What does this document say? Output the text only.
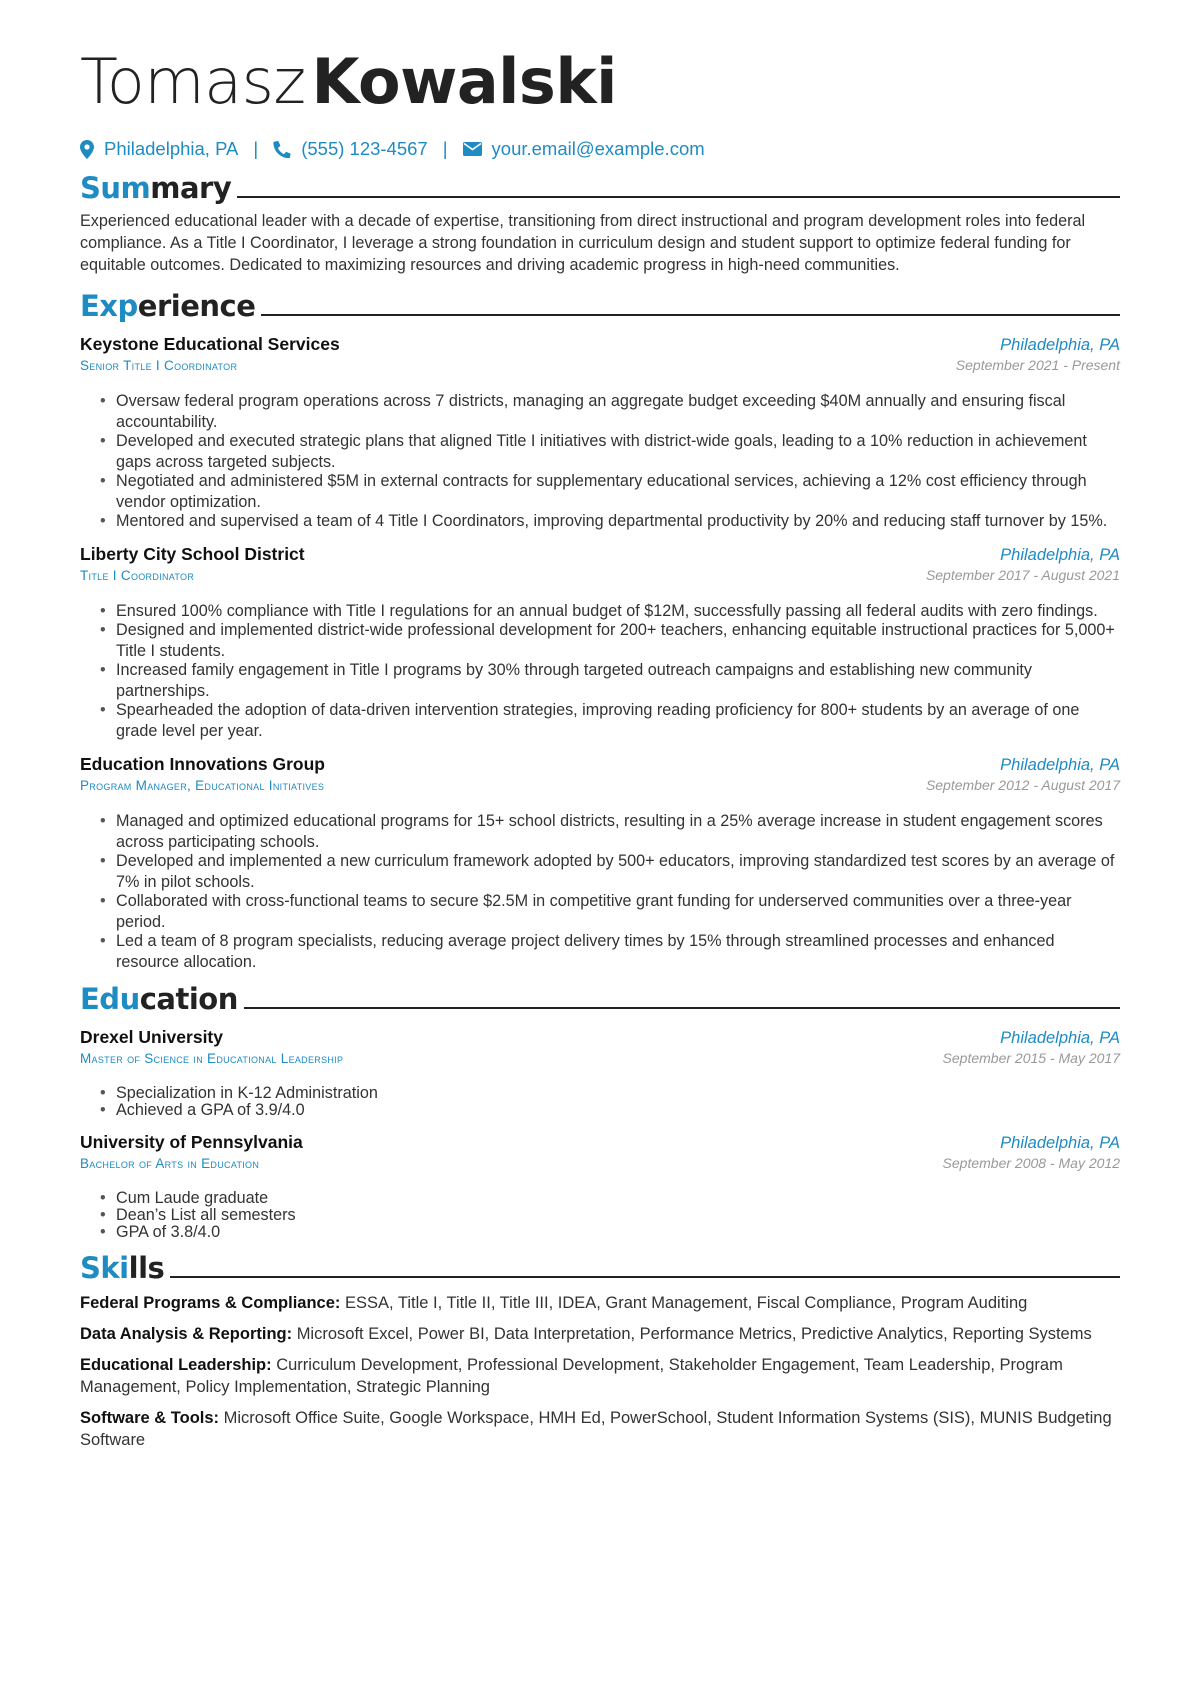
TomaszKowalski
Philadelphia, PA | (555) 123-4567 | your.email@example.com
Summary

Experienced educational leader with a decade of expertise, transitioning from direct instructional and program development roles into federal compliance. As a Title I Coordinator, I leverage a strong foundation in curriculum design and student support to optimize federal funding for equitable outcomes. Dedicated to maximizing resources and driving academic progress in high-need communities.

Experience
Keystone Educational Services	Philadelphia, PA
Senior Title I Coordinator	September 2021 - Present
• Oversaw federal program operations across 7 districts, managing an aggregate budget exceeding $40M annually and ensuring fiscal accountability.
• Developed and executed strategic plans that aligned Title I initiatives with district-wide goals, leading to a 10% reduction in achievement gaps across targeted subjects.
• Negotiated and administered $5M in external contracts for supplementary educational services, achieving a 12% cost efficiency through vendor optimization.
• Mentored and supervised a team of 4 Title I Coordinators, improving departmental productivity by 20% and reducing staff turnover by 15%.
Liberty City School District	Philadelphia, PA
Title I Coordinator	September 2017 - August 2021
• Ensured 100% compliance with Title I regulations for an annual budget of $12M, successfully passing all federal audits with zero findings.
• Designed and implemented district-wide professional development for 200+ teachers, enhancing equitable instructional practices for 5,000+ Title I students.
• Increased family engagement in Title I programs by 30% through targeted outreach campaigns and establishing new community partnerships.
• Spearheaded the adoption of data-driven intervention strategies, improving reading proficiency for 800+ students by an average of one grade level per year.
Education Innovations Group	Philadelphia, PA
Program Manager, Educational Initiatives	September 2012 - August 2017
• Managed and optimized educational programs for 15+ school districts, resulting in a 25% average increase in student engagement scores across participating schools.
• Developed and implemented a new curriculum framework adopted by 500+ educators, improving standardized test scores by an average of 7% in pilot schools.
• Collaborated with cross-functional teams to secure $2.5M in competitive grant funding for underserved communities over a three-year period.
• Led a team of 8 program specialists, reducing average project delivery times by 15% through streamlined processes and enhanced resource allocation.
Education
Drexel University	Philadelphia, PA
Master of Science in Educational Leadership	September 2015 - May 2017
• Specialization in K-12 Administration
• Achieved a GPA of 3.9/4.0
University of Pennsylvania	Philadelphia, PA
Bachelor of Arts in Education	September 2008 - May 2012
• Cum Laude graduate
• Dean’s List all semesters
• GPA of 3.8/4.0
Skills

Federal Programs & Compliance: ESSA, Title I, Title II, Title III, IDEA, Grant Management, Fiscal Compliance, Program Auditing

Data Analysis & Reporting: Microsoft Excel, Power BI, Data Interpretation, Performance Metrics, Predictive Analytics, Reporting Systems

Educational Leadership: Curriculum Development, Professional Development, Stakeholder Engagement, Team Leadership, Program Management, Policy Implementation, Strategic Planning

Software & Tools: Microsoft Office Suite, Google Workspace, HMH Ed, PowerSchool, Student Information Systems (SIS), MUNIS Budgeting Software
